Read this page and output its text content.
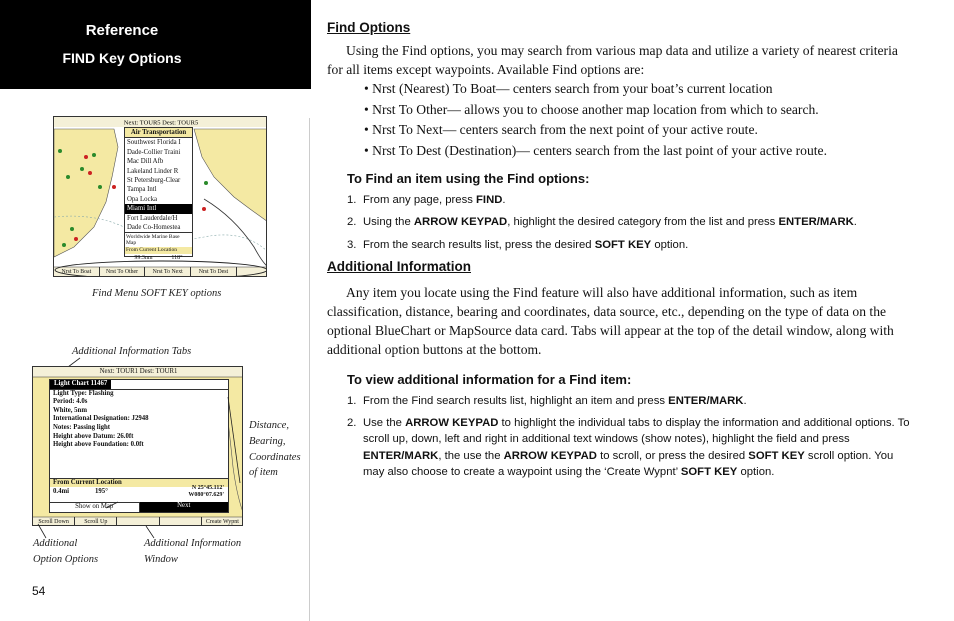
Reference
FIND Key Options
Next: TOUR5 Dest: TOUR5
Air Transportation
Southwest Florida I
Dade-Collier Traini
Mac Dill Afb
Lakeland Linder R
St Petersburg-Clear
Tampa Intl
Opa Locka
Miami Intl
Fort Lauderdale/H
Dade Co-Homestea
Worldwide Marine Base Map
From Current Location
99.3nm	118°
Nrst To Boat	Nrst To Other	Nrst To Next	Nrst To Dest
Find Menu SOFT KEY options
Additional Information Tabs
Next: TOUR1 Dest: TOUR1
Light Chart 11467
Light Type: Flashing
Period: 4.0s
White, 5nm
International Designation: J2948
Notes: Passing light
Height above Datum: 26.0ft
Height above Foundation: 0.0ft
From Current Location
0.4mi	195°	N 25°45.112'
W080°07.629'
Show on Map	Next
Scroll Down	Scroll Up	Create Wypnt
Distance, Bearing, Coordinates of item
Additional Option Options
Additional Information Window
Find Options
Using the Find options, you may search from various map data and utilize a variety of nearest criteria for all items except waypoints. Available Find options are:
• Nrst (Nearest) To Boat— centers search from your boat’s current location
• Nrst To Other— allows you to choose another map location from which to search.
• Nrst To Next— centers search from the next point of your active route.
• Nrst To Dest (Destination)— centers search from the last point of your active route.
To Find an item using the Find options:
1. From any page, press FIND.
2. Using the ARROW KEYPAD, highlight the desired category from the list and press ENTER/MARK.
3. From the search results list, press the desired SOFT KEY option.
Additional Information
Any item you locate using the Find feature will also have additional information, such as item classification, distance, bearing and coordinates, data source, etc., depending on the type of data on the optional BlueChart or MapSource data card. Tabs will appear at the top of the detail window, along with additional option buttons at the bottom.
To view additional information for a Find item:
1. From the Find search results list, highlight an item and press ENTER/MARK.
2. Use the ARROW KEYPAD to highlight the individual tabs to display the information and additional options. To scroll up, down, left and right in additional text windows (show notes), highlight the field and press ENTER/MARK, the use the ARROW KEYPAD to scroll, or press the desired SOFT KEY scroll option. You may also choose to create a waypoint using the ‘Create Wypnt’ SOFT KEY option.
54
